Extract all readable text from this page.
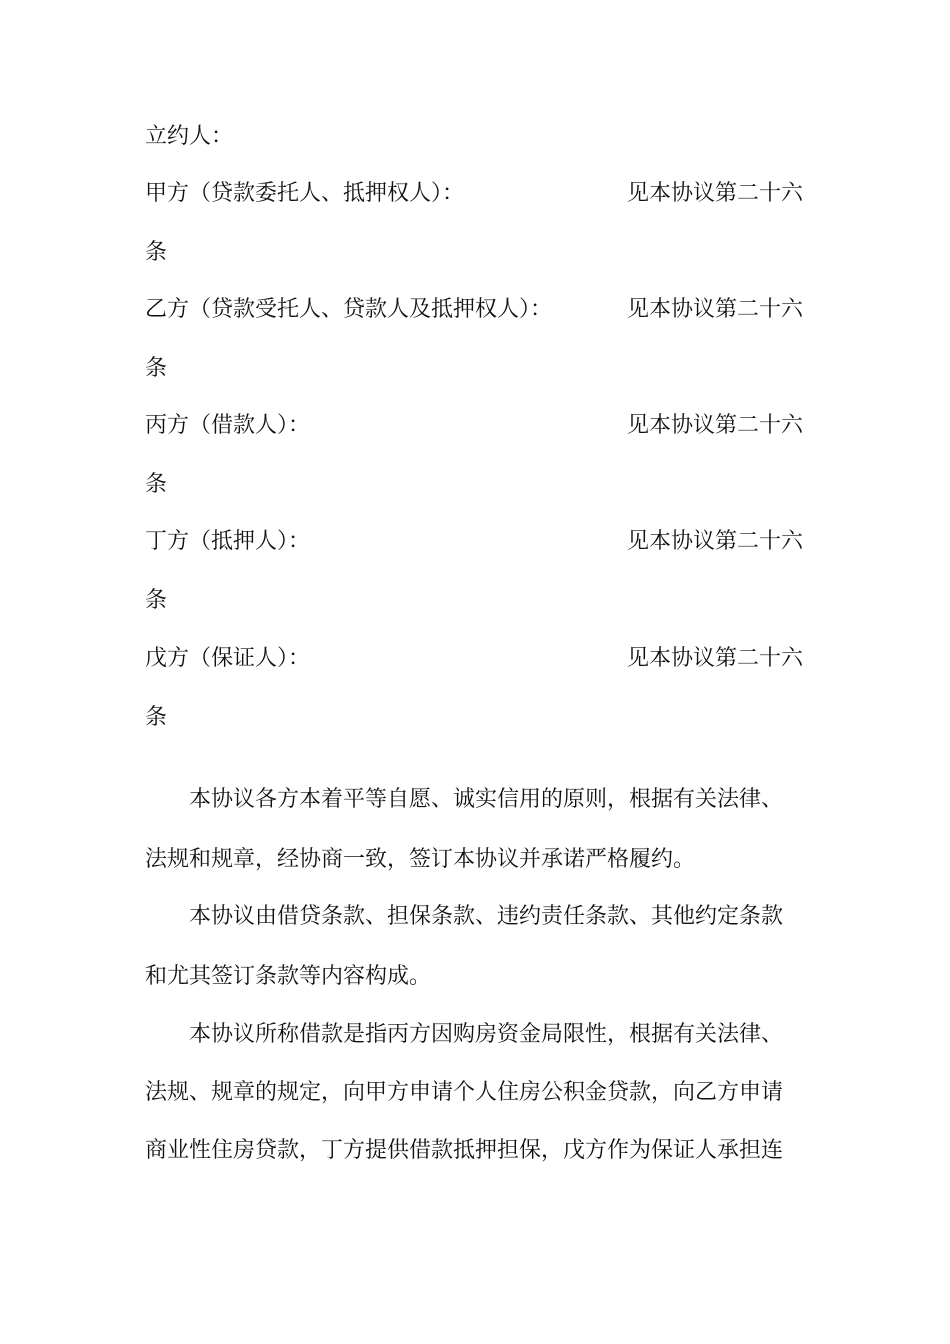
立约人：
甲方（贷款委托人、抵押权人）：	见本协议第二十六
条
乙方（贷款受托人、贷款人及抵押权人）：	见本协议第二十六
条
丙方（借款人）：	见本协议第二十六
条
丁方（抵押人）：	见本协议第二十六
条
戊方（保证人）：	见本协议第二十六
条
本协议各方本着平等自愿、诚实信用的原则，根据有关法律、
法规和规章，经协商一致，签订本协议并承诺严格履约。
本协议由借贷条款、担保条款、违约责任条款、其他约定条款
和尤其签订条款等内容构成。
本协议所称借款是指丙方因购房资金局限性，根据有关法律、
法规、规章的规定，向甲方申请个人住房公积金贷款，向乙方申请
商业性住房贷款，丁方提供借款抵押担保，戊方作为保证人承担连
